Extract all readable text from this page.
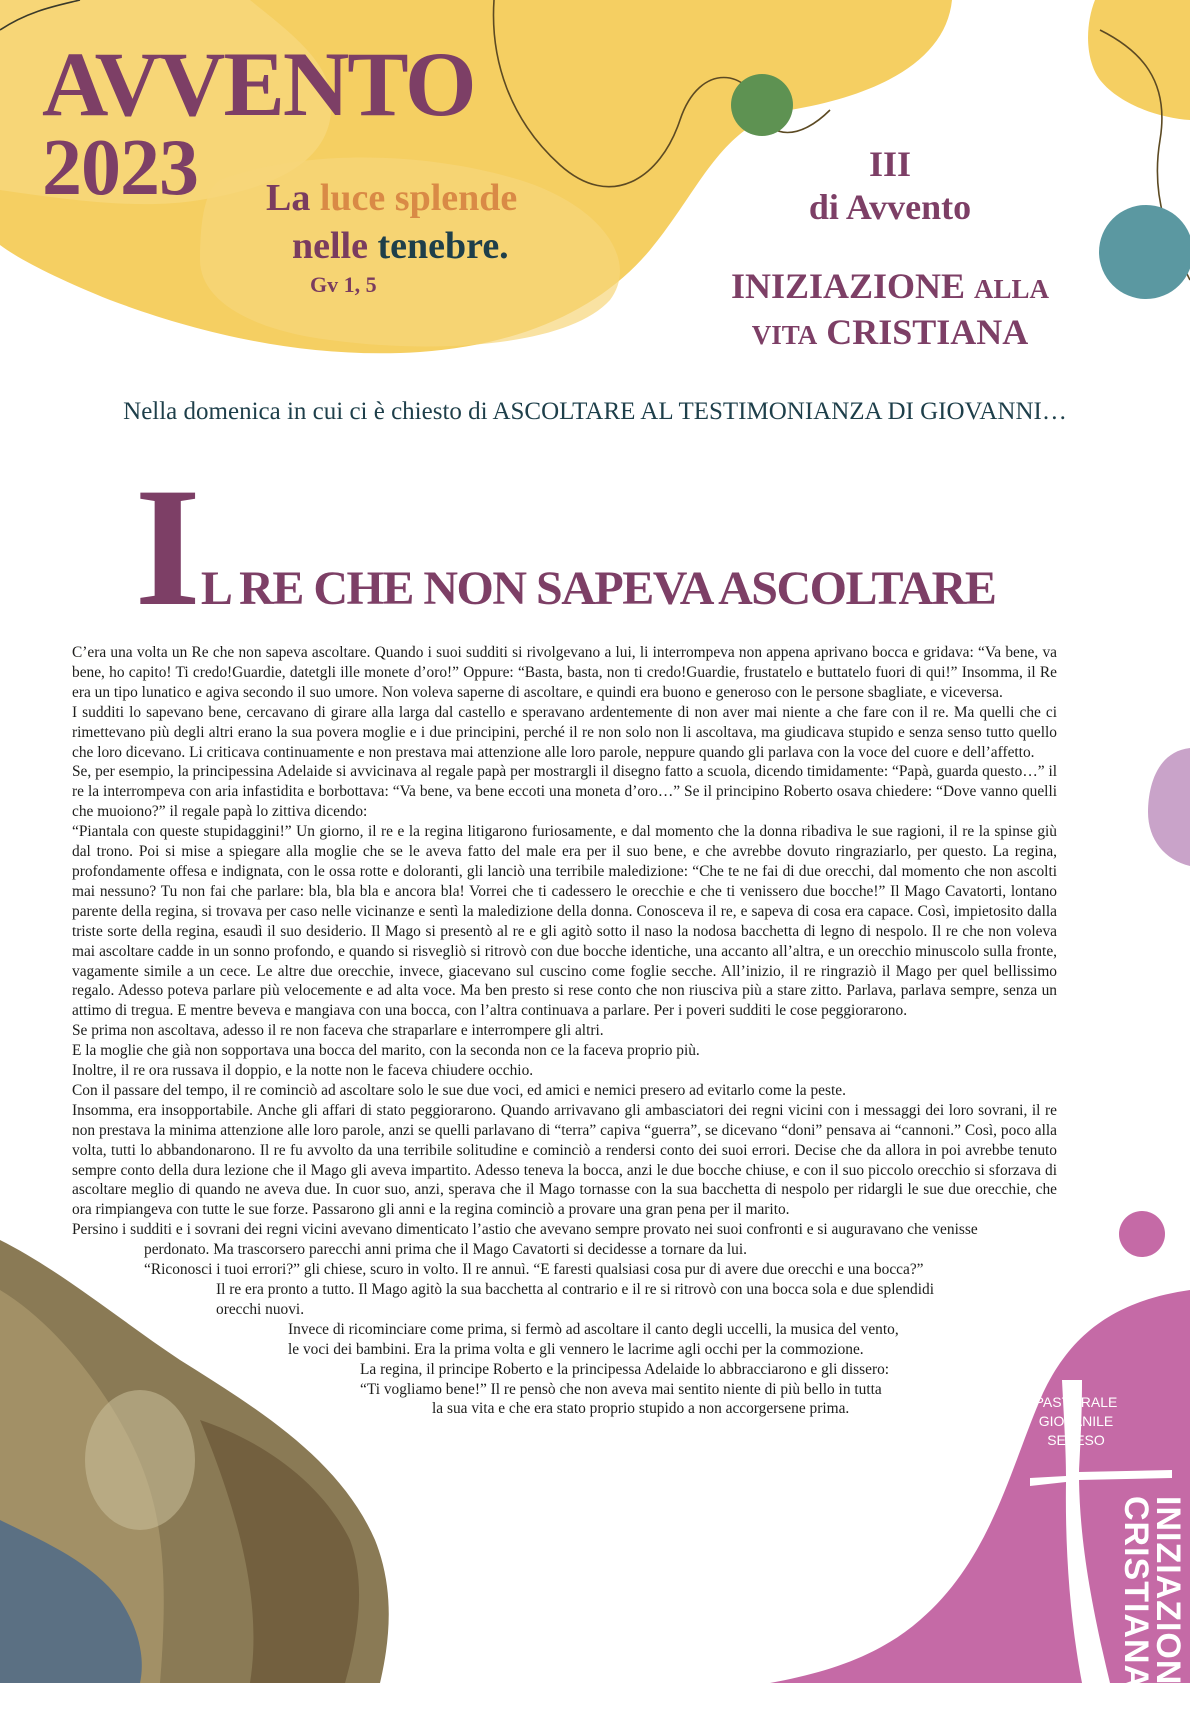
AVVENTO
2023 La luce splende
nelle tenebre.
Gv 1, 5
III
di Avvento
INIZIAZIONE ALLA
VITA CRISTIANA
Nella domenica in cui ci è chiesto di ASCOLTARE AL TESTIMONIANZA DI GIOVANNI…
IL RE CHE NON SAPEVA ASCOLTARE

C’era una volta un Re che non sapeva ascoltare. Quando i suoi sudditi si rivolgevano a lui, li interrompeva non appena aprivano bocca e gridava: “Va bene, va bene, ho capito! Ti credo!Guardie, datetgli ille monete d’oro!” Oppure: “Basta, basta, non ti credo!Guardie, frustatelo e buttatelo fuori di qui!” Insomma, il Re era un tipo lunatico e agiva secondo il suo umore. Non voleva saperne di ascoltare, e quindi era buono e generoso con le persone sbagliate, e viceversa.

I sudditi lo sapevano bene, cercavano di girare alla larga dal castello e speravano ardentemente di non aver mai niente a che fare con il re. Ma quelli che ci rimettevano più degli altri erano la sua povera moglie e i due principini, perché il re non solo non li ascoltava, ma giudicava stupido e senza senso tutto quello che loro dicevano. Li criticava continuamente e non prestava mai attenzione alle loro parole, neppure quando gli parlava con la voce del cuore e dell’affetto.

Se, per esempio, la principessina Adelaide si avvicinava al regale papà per mostrargli il disegno fatto a scuola, dicendo timidamente: “Papà, guarda questo…” il re la interrompeva con aria infastidita e borbottava: “Va bene, va bene eccoti una moneta d’oro…” Se il principino Roberto osava chiedere: “Dove vanno quelli che muoiono?” il regale papà lo zittiva dicendo:

“Piantala con queste stupidaggini!” Un giorno, il re e la regina litigarono furiosamente, e dal momento che la donna ribadiva le sue ragioni, il re la spinse giù dal trono. Poi si mise a spiegare alla moglie che se le aveva fatto del male era per il suo bene, e che avrebbe dovuto ringraziarlo, per questo. La regina, profondamente offesa e indignata, con le ossa rotte e doloranti, gli lanciò una terribile maledizione: “Che te ne fai di due orecchi, dal momento che non ascolti mai nessuno? Tu non fai che parlare: bla, bla bla e ancora bla! Vorrei che ti cadessero le orecchie e che ti venissero due bocche!” Il Mago Cavatorti, lontano parente della regina, si trovava per caso nelle vicinanze e sentì la maledizione della donna. Conosceva il re, e sapeva di cosa era capace. Così, impietosito dalla triste sorte della regina, esaudì il suo desiderio. Il Mago si presentò al re e gli agitò sotto il naso la nodosa bacchetta di legno di nespolo. Il re che non voleva mai ascoltare cadde in un sonno profondo, e quando si risvegliò si ritrovò con due bocche identiche, una accanto all’altra, e un orecchio minuscolo sulla fronte, vagamente simile a un cece. Le altre due orecchie, invece, giacevano sul cuscino come foglie secche. All’inizio, il re ringraziò il Mago per quel bellissimo regalo. Adesso poteva parlare più velocemente e ad alta voce. Ma ben presto si rese conto che non riusciva più a stare zitto. Parlava, parlava sempre, senza un attimo di tregua. E mentre beveva e mangiava con una bocca, con l’altra continuava a parlare. Per i poveri sudditi le cose peggiorarono.

Se prima non ascoltava, adesso il re non faceva che straparlare e interrompere gli altri.

E la moglie che già non sopportava una bocca del marito, con la seconda non ce la faceva proprio più.

Inoltre, il re ora russava il doppio, e la notte non le faceva chiudere occhio.

Con il passare del tempo, il re cominciò ad ascoltare solo le sue due voci, ed amici e nemici presero ad evitarlo come la peste.

Insomma, era insopportabile. Anche gli affari di stato peggiorarono. Quando arrivavano gli ambasciatori dei regni vicini con i messaggi dei loro sovrani, il re non prestava la minima attenzione alle loro parole, anzi se quelli parlavano di “terra” capiva “guerra”, se dicevano “doni” pensava ai “cannoni.” Così, poco alla volta, tutti lo abbandonarono. Il re fu avvolto da una terribile solitudine e cominciò a rendersi conto dei suoi errori. Decise che da allora in poi avrebbe tenuto sempre conto della dura lezione che il Mago gli aveva impartito. Adesso teneva la bocca, anzi le due bocche chiuse, e con il suo piccolo orecchio si sforzava di ascoltare meglio di quando ne aveva due. In cuor suo, anzi, sperava che il Mago tornasse con la sua bacchetta di nespolo per ridargli le sue due orecchie, che ora rimpiangeva con tutte le sue forze. Passarono gli anni e la regina cominciò a provare una gran pena per il marito.

Persino i sudditi e i sovrani dei regni vicini avevano dimenticato l’astio che avevano sempre provato nei suoi confronti e si auguravano che venisse

perdonato. Ma trascorsero parecchi anni prima che il Mago Cavatorti si decidesse a tornare da lui.

“Riconosci i tuoi errori?” gli chiese, scuro in volto. Il re annuì. “E faresti qualsiasi cosa pur di avere due orecchi e una bocca?”

Il re era pronto a tutto. Il Mago agitò la sua bacchetta al contrario e il re si ritrovò con una bocca sola e due splendidi

orecchi nuovi.

Invece di ricominciare come prima, si fermò ad ascoltare il canto degli uccelli, la musica del vento,

le voci dei bambini. Era la prima volta e gli vennero le lacrime agli occhi per la commozione.

La regina, il principe Roberto e la principessa Adelaide lo abbracciarono e gli dissero:

“Ti vogliamo bene!” Il re pensò che non aveva mai sentito niente di più bello in tutta

la sua vita e che era stato proprio stupido a non accorgersene prima.	PASTORALE
GIOVANILE
SEVESO
INIZIAZIONE CRISTIANA
